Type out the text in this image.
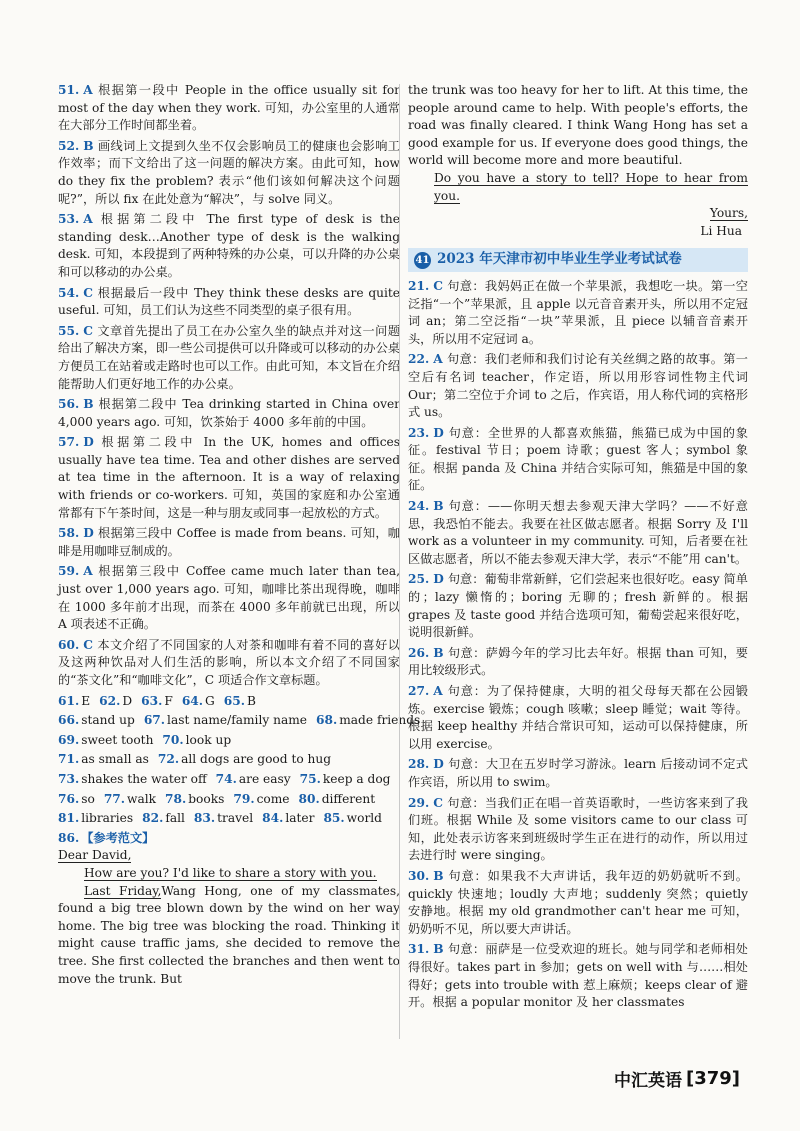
51. A 根据第一段中 People in the office usually sit for most of the day when they work. 可知，办公室里的人通常在大部分工作时间都坐着。

52. B 画线词上文提到久坐不仅会影响员工的健康也会影响工作效率；而下文给出了这一问题的解决方案。由此可知，how do they fix the problem? 表示“他们该如何解决这个问题呢?”，所以 fix 在此处意为“解决”，与 solve 同义。

53. A 根据第二段中 The first type of desk is the standing desk…Another type of desk is the walking desk. 可知，本段提到了两种特殊的办公桌，可以升降的办公桌和可以移动的办公桌。

54. C 根据最后一段中 They think these desks are quite useful. 可知，员工们认为这些不同类型的桌子很有用。

55. C 文章首先提出了员工在办公室久坐的缺点并对这一问题给出了解决方案，即一些公司提供可以升降或可以移动的办公桌方便员工在站着或走路时也可以工作。由此可知，本文旨在介绍能帮助人们更好地工作的办公桌。

56. B 根据第二段中 Tea drinking started in China over 4,000 years ago. 可知，饮茶始于 4000 多年前的中国。

57. D 根据第二段中 In the UK, homes and offices usually have tea time. Tea and other dishes are served at tea time in the afternoon. It is a way of relaxing with friends or co-workers. 可知，英国的家庭和办公室通常都有下午茶时间，这是一种与朋友或同事一起放松的方式。

58. D 根据第三段中 Coffee is made from beans. 可知，咖啡是用咖啡豆制成的。

59. A 根据第三段中 Coffee came much later than tea, just over 1,000 years ago. 可知，咖啡比茶出现得晚，咖啡在 1000 多年前才出现，而茶在 4000 多年前就已出现，所以 A 项表述不正确。

60. C 本文介绍了不同国家的人对茶和咖啡有着不同的喜好以及这两种饮品对人们生活的影响，所以本文介绍了不同国家的“茶文化”和“咖啡文化”，C 项适合作文章标题。

61. E 62. D 63. F 64. G 65. B
66. stand up 67. last name/family name 68. made friends
69. sweet tooth 70. look up
71. as small as 72. all dogs are good to hug
73. shakes the water off 74. are easy 75. keep a dog
76. so 77. walk 78. books 79. come 80. different
81. libraries 82. fall 83. travel 84. later 85. world
86. 【参考范文】
Dear David,
How are you? I'd like to share a story with you.

Last Friday,Wang Hong, one of my classmates, found a big tree blown down by the wind on her way home. The big tree was blocking the road. Thinking it might cause traffic jams, she decided to remove the tree. She first collected the branches and then went to move the trunk. But

the trunk was too heavy for her to lift. At this time, the people around came to help. With people's efforts, the road was finally cleared. I think Wang Hong has set a good example for us. If everyone does good things, the world will become more and more beautiful.

Do you have a story to tell? Hope to hear from you.

Yours,

Li Hua

41 2023 年天津市初中毕业生学业考试试卷

21. C 句意：我妈妈正在做一个苹果派，我想吃一块。第一空泛指“一个”苹果派，且 apple 以元音音素开头，所以用不定冠词 an；第二空泛指“一块”苹果派，且 piece 以辅音音素开头，所以用不定冠词 a。

22. A 句意：我们老师和我们讨论有关丝绸之路的故事。第一空后有名词 teacher，作定语，所以用形容词性物主代词 Our；第二空位于介词 to 之后，作宾语，用人称代词的宾格形式 us。

23. D 句意：全世界的人都喜欢熊猫，熊猫已成为中国的象征。festival 节日；poem 诗歌；guest 客人；symbol 象征。根据 panda 及 China 并结合实际可知，熊猫是中国的象征。

24. B 句意：——你明天想去参观天津大学吗？——不好意思，我恐怕不能去。我要在社区做志愿者。根据 Sorry 及 I'll work as a volunteer in my community. 可知，后者要在社区做志愿者，所以不能去参观天津大学，表示“不能”用 can't。

25. D 句意：葡萄非常新鲜，它们尝起来也很好吃。easy 简单的；lazy 懒惰的；boring 无聊的；fresh 新鲜的。根据 grapes 及 taste good 并结合选项可知，葡萄尝起来很好吃，说明很新鲜。

26. B 句意：萨姆今年的学习比去年好。根据 than 可知，要用比较级形式。

27. A 句意：为了保持健康，大明的祖父母每天都在公园锻炼。exercise 锻炼；cough 咳嗽；sleep 睡觉；wait 等待。根据 keep healthy 并结合常识可知，运动可以保持健康，所以用 exercise。

28. D 句意：大卫在五岁时学习游泳。learn 后接动词不定式作宾语，所以用 to swim。

29. C 句意：当我们正在唱一首英语歌时，一些访客来到了我们班。根据 While 及 some visitors came to our class 可知，此处表示访客来到班级时学生正在进行的动作，所以用过去进行时 were singing。

30. B 句意：如果我不大声讲话，我年迈的奶奶就听不到。quickly 快速地；loudly 大声地；suddenly 突然；quietly 安静地。根据 my old grandmother can't hear me 可知，奶奶听不见，所以要大声讲话。

31. B 句意：丽萨是一位受欢迎的班长。她与同学和老师相处得很好。takes part in 参加；gets on well with 与……相处得好；gets into trouble with 惹上麻烦；keeps clear of 避开。根据 a popular monitor 及 her classmates

中汇英语 [379]
